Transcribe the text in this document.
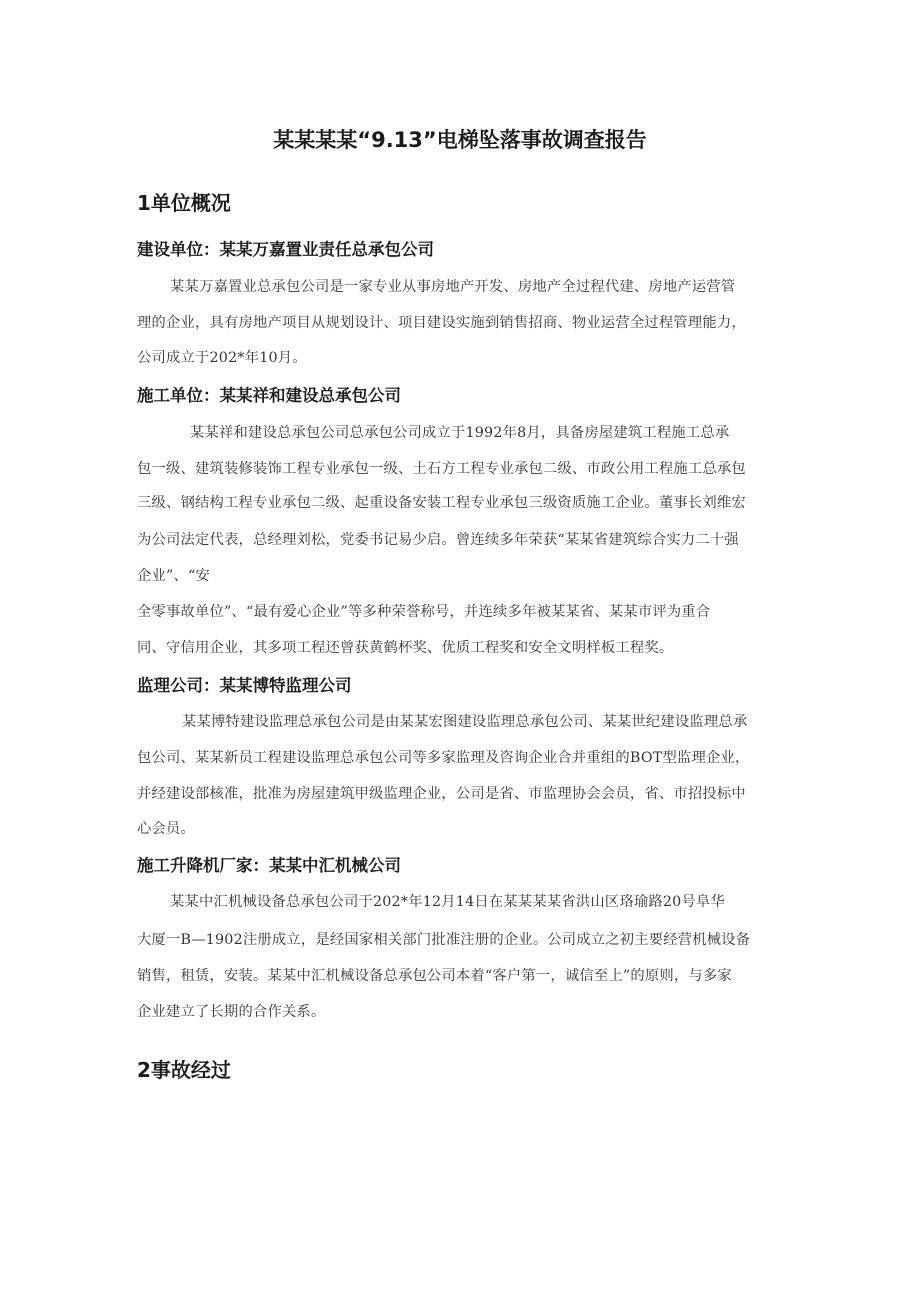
某某某某“9.13”电梯坠落事故调查报告
1单位概况
建设单位：某某万嘉置业责任总承包公司
某某万嘉置业总承包公司是一家专业从事房地产开发、房地产全过程代建、房地产运营管
理的企业，具有房地产项目从规划设计、项目建设实施到销售招商、物业运营全过程管理能力，
公司成立于202*年10月。
施工单位：某某祥和建设总承包公司
某某祥和建设总承包公司总承包公司成立于1992年8月，具备房屋建筑工程施工总承
包一级、建筑装修装饰工程专业承包一级、土石方工程专业承包二级、市政公用工程施工总承包
三级、钢结构工程专业承包二级、起重设备安装工程专业承包三级资质施工企业。董事长刘维宏
为公司法定代表，总经理刘松，党委书记易少启。曾连续多年荣获“某某省建筑综合实力二十强
企业”、“安
全零事故单位”、“最有爱心企业”等多种荣誉称号，并连续多年被某某省、某某市评为重合
同、守信用企业，其多项工程还曾获黄鹤杯奖、优质工程奖和安全文明样板工程奖。
监理公司：某某博特监理公司
某某博特建设监理总承包公司是由某某宏图建设监理总承包公司、某某世纪建设监理总承
包公司、某某新员工程建设监理总承包公司等多家监理及咨询企业合并重组的BOT型监理企业，
并经建设部核准，批准为房屋建筑甲级监理企业，公司是省、市监理协会会员，省、市招投标中
心会员。
施工升降机厂家：某某中汇机械公司
某某中汇机械设备总承包公司于202*年12月14日在某某某某省洪山区珞瑜路20号阜华
大厦一B—1902注册成立，是经国家相关部门批准注册的企业。公司成立之初主要经营机械设备
销售，租赁，安装。某某中汇机械设备总承包公司本着“客户第一，诚信至上”的原则，与多家
企业建立了长期的合作关系。
2事故经过
